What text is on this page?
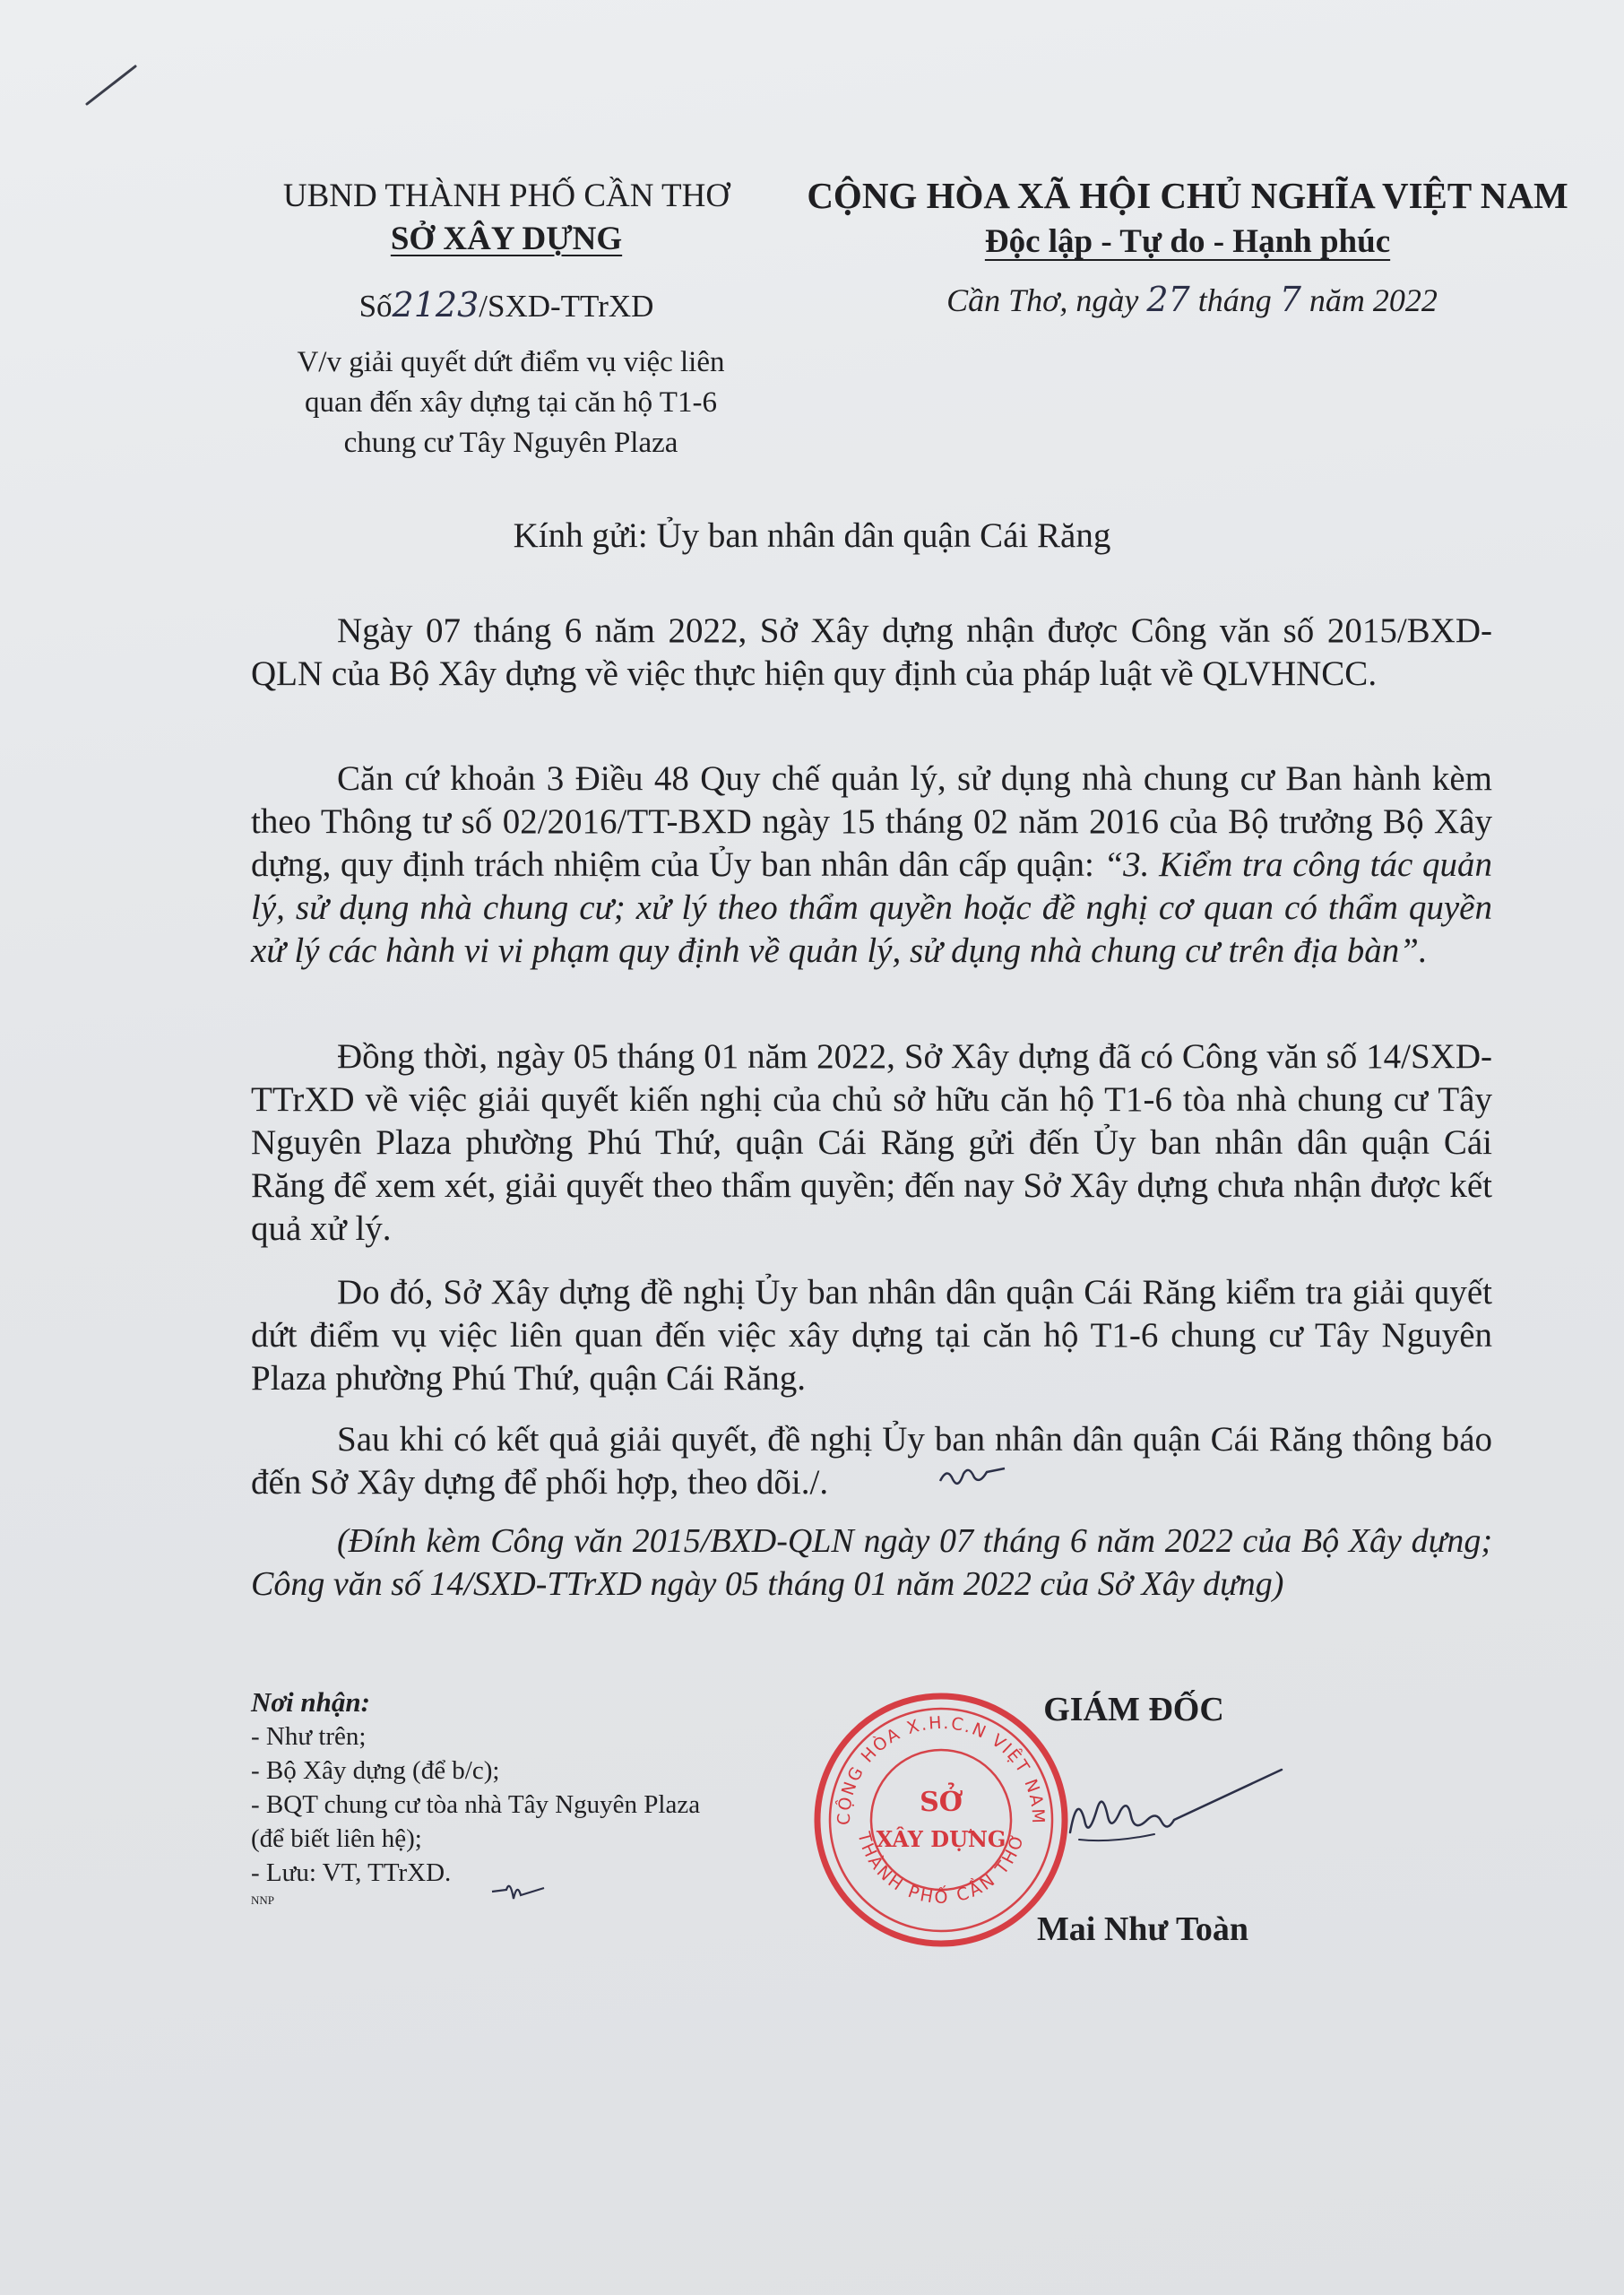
UBND THÀNH PHỐ CẦN THƠ
SỞ XÂY DỰNG
CỘNG HÒA XÃ HỘI CHỦ NGHĨA VIỆT NAM
Độc lập - Tự do - Hạnh phúc
Số2123/SXD-TTrXD	Cần Thơ, ngày 27 tháng 7 năm 2022
V/v giải quyết dứt điểm vụ việc liên
quan đến xây dựng tại căn hộ T1-6
chung cư Tây Nguyên Plaza
Kính gửi: Ủy ban nhân dân quận Cái Răng

Ngày 07 tháng 6 năm 2022, Sở Xây dựng nhận được Công văn số 2015/BXD-QLN của Bộ Xây dựng về việc thực hiện quy định của pháp luật về QLVHNCC.

Căn cứ khoản 3 Điều 48 Quy chế quản lý, sử dụng nhà chung cư Ban hành kèm theo Thông tư số 02/2016/TT-BXD ngày 15 tháng 02 năm 2016 của Bộ trưởng Bộ Xây dựng, quy định trách nhiệm của Ủy ban nhân dân cấp quận: “3. Kiểm tra công tác quản lý, sử dụng nhà chung cư; xử lý theo thẩm quyền hoặc đề nghị cơ quan có thẩm quyền xử lý các hành vi vi phạm quy định về quản lý, sử dụng nhà chung cư trên địa bàn”.

Đồng thời, ngày 05 tháng 01 năm 2022, Sở Xây dựng đã có Công văn số 14/SXD-TTrXD về việc giải quyết kiến nghị của chủ sở hữu căn hộ T1-6 tòa nhà chung cư Tây Nguyên Plaza phường Phú Thứ, quận Cái Răng gửi đến Ủy ban nhân dân quận Cái Răng để xem xét, giải quyết theo thẩm quyền; đến nay Sở Xây dựng chưa nhận được kết quả xử lý.

Do đó, Sở Xây dựng đề nghị Ủy ban nhân dân quận Cái Răng kiểm tra giải quyết dứt điểm vụ việc liên quan đến việc xây dựng tại căn hộ T1-6 chung cư Tây Nguyên Plaza phường Phú Thứ, quận Cái Răng.

Sau khi có kết quả giải quyết, đề nghị Ủy ban nhân dân quận Cái Răng thông báo đến Sở Xây dựng để phối hợp, theo dõi./.

(Đính kèm Công văn 2015/BXD-QLN ngày 07 tháng 6 năm 2022 của Bộ Xây dựng; Công văn số 14/SXD-TTrXD ngày 05 tháng 01 năm 2022 của Sở Xây dựng)
Nơi nhận:
- Như trên;
- Bộ Xây dựng (để b/c);
- BQT chung cư tòa nhà Tây Nguyên Plaza
(để biết liên hệ);
- Lưu: VT, TTrXD.
NNP
GIÁM ĐỐC
CỘNG HÒA X.H.C.N VIỆT NAM
THÀNH PHỐ CẦN THƠ
SỞ
XÂY DỰNG
Mai Như Toàn
